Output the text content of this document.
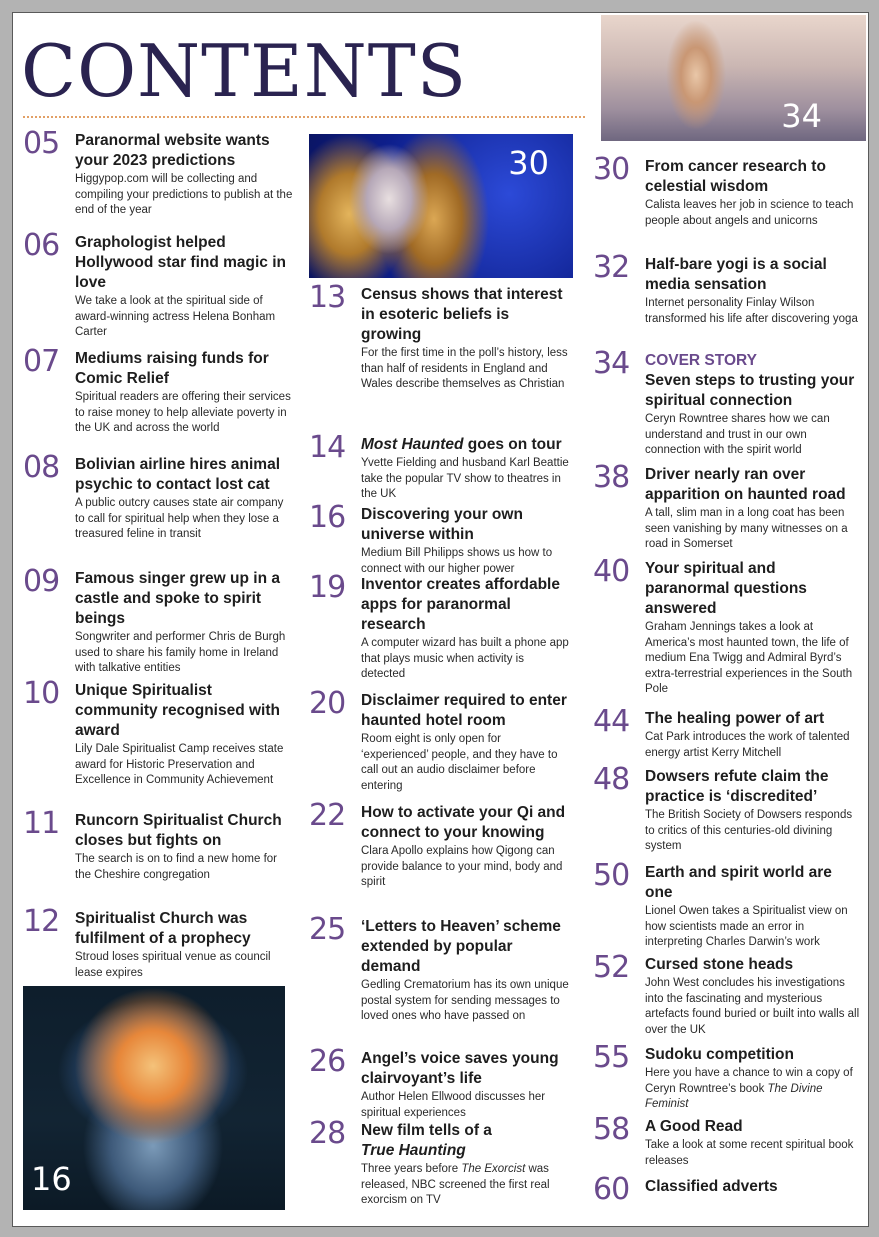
CONTENTS
34
30
16
05	Paranormal website wants your 2023 predictions
Higgypop.com will be collecting and compiling your predictions to publish at the end of the year
06	Graphologist helped Hollywood star find magic in love
We take a look at the spiritual side of award-winning actress Helena Bonham Carter
07	Mediums raising funds for Comic Relief
Spiritual readers are offering their services to raise money to help alleviate poverty in the UK and across the world
08	Bolivian airline hires animal psychic to contact lost cat
A public outcry causes state air company to call for spiritual help when they lose a treasured feline in transit
09	Famous singer grew up in a castle and spoke to spirit beings
Songwriter and performer Chris de Burgh used to share his family home in Ireland with talkative entities
10	Unique Spiritualist community recognised with award
Lily Dale Spiritualist Camp receives state award for Historic Preservation and Excellence in Community Achievement
11	Runcorn Spiritualist Church closes but fights on
The search is on to find a new home for the Cheshire congregation
12	Spiritualist Church was fulfilment of a prophecy
Stroud loses spiritual venue as council lease expires
13	Census shows that interest in esoteric beliefs is growing
For the first time in the poll’s history, less than half of residents in England and Wales describe themselves as Christian
14	Most Haunted goes on tour
Yvette Fielding and husband Karl Beattie take the popular TV show to theatres in the UK
16	Discovering your own universe within
Medium Bill Philipps shows us how to connect with our higher power
19	Inventor creates affordable apps for paranormal research
A computer wizard has built a phone app that plays music when activity is detected
20	Disclaimer required to enter haunted hotel room
Room eight is only open for ‘experienced’ people, and they have to call out an audio disclaimer before entering
22	How to activate your Qi and connect to your knowing
Clara Apollo explains how Qigong can provide balance to your mind, body and spirit
25	‘Letters to Heaven’ scheme extended by popular demand
Gedling Crematorium has its own unique postal system for sending messages to loved ones who have passed on
26	Angel’s voice saves young clairvoyant’s life
Author Helen Ellwood discusses her spiritual experiences
28	New film tells of a
True Haunting
Three years before The Exorcist was released, NBC screened the first real exorcism on TV
30	From cancer research to celestial wisdom
Calista leaves her job in science to teach people about angels and unicorns
32	Half-bare yogi is a social media sensation
Internet personality Finlay Wilson transformed his life after discovering yoga
34	COVER STORY
Seven steps to trusting your spiritual connection
Ceryn Rowntree shares how we can understand and trust in our own connection with the spirit world
38	Driver nearly ran over apparition on haunted road
A tall, slim man in a long coat has been seen vanishing by many witnesses on a road in Somerset
40	Your spiritual and paranormal questions answered
Graham Jennings takes a look at America’s most haunted town, the life of medium Ena Twigg and Admiral Byrd’s extra-terrestrial experiences in the South Pole
44	The healing power of art
Cat Park introduces the work of talented energy artist Kerry Mitchell
48	Dowsers refute claim the practice is ‘discredited’
The British Society of Dowsers responds to critics of this centuries-old divining system
50	Earth and spirit world are one
Lionel Owen takes a Spiritualist view on how scientists made an error in interpreting Charles Darwin’s work
52	Cursed stone heads
John West concludes his investigations into the fascinating and mysterious artefacts found buried or built into walls all over the UK
55	Sudoku competition
Here you have a chance to win a copy of Ceryn Rowntree’s book The Divine Feminist
58	A Good Read
Take a look at some recent spiritual book releases
60	Classified adverts
